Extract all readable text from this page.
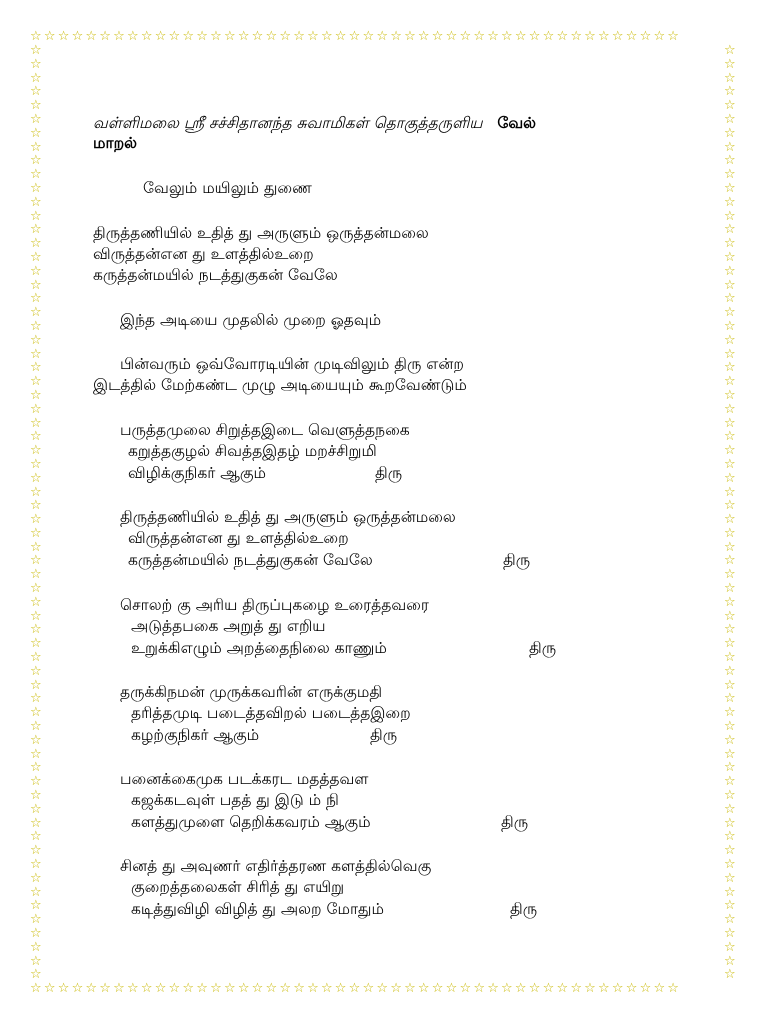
☆☆☆☆☆☆☆☆☆☆☆☆☆☆☆☆☆☆☆☆☆☆☆☆☆☆☆☆☆☆☆☆☆☆☆☆☆☆☆☆☆☆☆☆☆☆☆
☆☆☆☆☆☆☆☆☆☆☆☆☆☆☆☆☆☆☆☆☆☆☆☆☆☆☆☆☆☆☆☆☆☆☆☆☆☆☆☆☆☆☆☆☆☆☆
☆☆☆☆☆☆☆☆☆☆☆☆☆☆☆☆☆☆☆☆☆☆☆☆☆☆☆☆☆☆☆☆☆☆☆☆☆☆☆☆☆☆☆☆☆☆☆☆☆☆☆☆☆☆☆☆☆☆☆☆☆☆☆☆☆☆☆☆
☆☆☆☆☆☆☆☆☆☆☆☆☆☆☆☆☆☆☆☆☆☆☆☆☆☆☆☆☆☆☆☆☆☆☆☆☆☆☆☆☆☆☆☆☆☆☆☆☆☆☆☆☆☆☆☆☆☆☆☆☆☆☆☆☆☆☆☆
வள்ளிமலை ஸ்ரீ சச்சிதானந்த சுவாமிகள் தொகுத்தருளிய வேல்
மாறல்
வேலும் மயிலும் துணை
திருத்தணியில் உதித் து அருளும் ஒருத்தன்மலை
விருத்தன்என து உளத்தில்உறை
கருத்தன்மயில் நடத்துகுகன் வேலே
இந்த அடியை முதலில் முறை ஓதவும்
பின்வரும் ஒவ்வோரடியின் முடிவிலும் திரு என்ற
இடத்தில் மேற்கண்ட முழு அடியையும் கூறவேண்டும்
பருத்தமுலை சிறுத்தஇடை வெளுத்தநகை
கறுத்தகுழல் சிவத்தஇதழ் மறச்சிறுமி
விழிக்குநிகர் ஆகும்	திரு
திருத்தணியில் உதித் து அருளும் ஒருத்தன்மலை
விருத்தன்என து உளத்தில்உறை
கருத்தன்மயில் நடத்துகுகன் வேலே	திரு
சொலற் கு அரிய திருப்புகழை உரைத்தவரை
அடுத்தபகை அறுத் து எறிய
உறுக்கிஎழும் அறத்தைநிலை காணும்	திரு
தருக்கிநமன் முருக்கவரின் எருக்குமதி
தரித்தமுடி படைத்தவிறல் படைத்தஇறை
கழற்குநிகர் ஆகும்	திரு
பனைக்கைமுக படக்கரட மதத்தவள
கஜக்கடவுள் பதத் து இடு ம் நி
களத்துமுளை தெறிக்கவரம் ஆகும்	திரு
சினத் து அவுணர் எதிர்த்தரண களத்தில்வெகு
குறைத்தலைகள் சிரித் து எயிறு
கடித்துவிழி விழித் து அலற மோதும்	திரு
